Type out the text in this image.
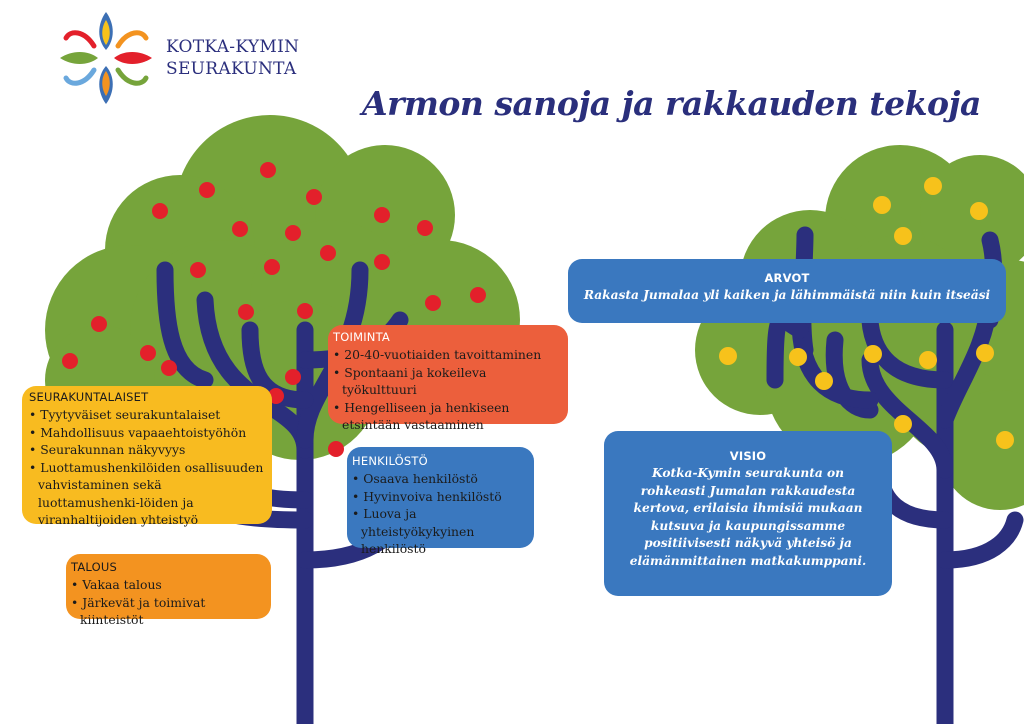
KOTKA-KYMIN
SEURAKUNTA
Armon sanoja ja rakkauden tekoja
TOIMINTA
• 20-40-vuotiaiden tavoittaminen
• Spontaani ja kokeileva työkulttuuri
• Hengelliseen ja henkiseen etsintään vastaaminen
SEURAKUNTALAISET
• Tyytyväiset seurakuntalaiset
• Mahdollisuus vapaaehtoistyöhön
• Seurakunnan näkyvyys
• Luottamushenkilöiden osallisuuden vahvistaminen sekä luottamushenki-löiden ja viranhaltijoiden yhteistyö
HENKILÖSTÖ
• Osaava henkilöstö
• Hyvinvoiva henkilöstö
• Luova ja yhteistyökykyinen henkilöstö
TALOUS
• Vakaa talous
• Järkevät ja toimivat kiinteistöt
ARVOT
Rakasta Jumalaa yli kaiken ja lähimmäistä niin kuin itseäsi
VISIO
Kotka-Kymin seurakunta on rohkeasti Jumalan rakkaudesta kertova, erilaisia ihmisiä mukaan kutsuva ja kaupungissamme positiivisesti näkyvä yhteisö ja elämänmittainen matkakumppani.
